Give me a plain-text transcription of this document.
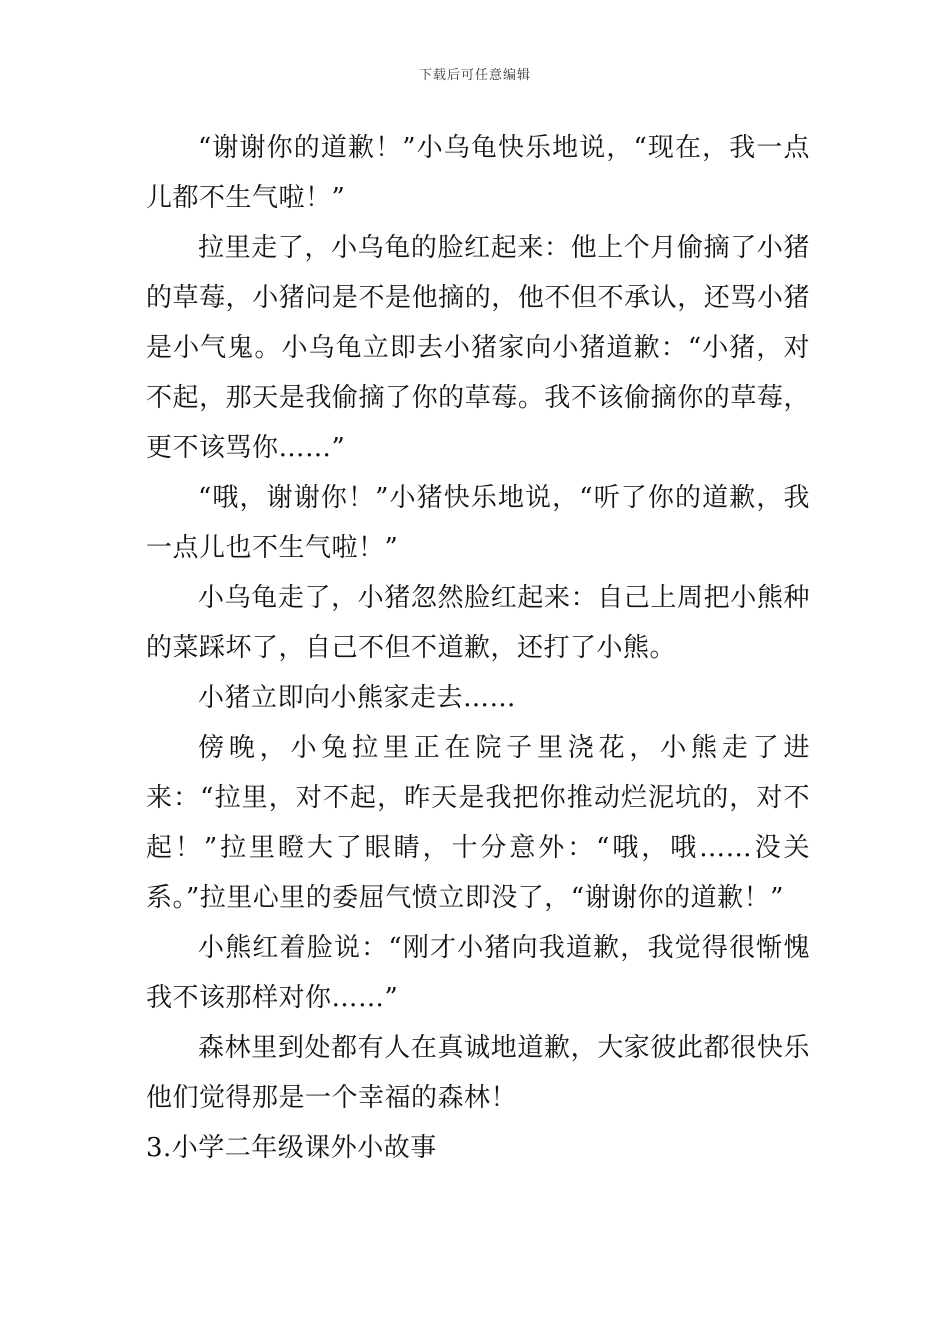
下载后可任意编辑

“谢谢你的道歉！”小乌龟快乐地说，“现在，我一点儿都不生气啦！”

拉里走了，小乌龟的脸红起来：他上个月偷摘了小猪的草莓，小猪问是不是他摘的，他不但不承认，还骂小猪是小气鬼。小乌龟立即去小猪家向小猪道歉：“小猪，对不起，那天是我偷摘了你的草莓。我不该偷摘你的草莓，更不该骂你……”

“哦，谢谢你！”小猪快乐地说，“听了你的道歉，我一点儿也不生气啦！”

小乌龟走了，小猪忽然脸红起来：自己上周把小熊种的菜踩坏了，自己不但不道歉，还打了小熊。

小猪立即向小熊家走去……

傍晚，小兔拉里正在院子里浇花，小熊走了进来：“拉里，对不起，昨天是我把你推动烂泥坑的，对不起！”拉里瞪大了眼睛，十分意外：“哦，哦……没关系。”拉里心里的委屈气愤立即没了，“谢谢你的道歉！”

小熊红着脸说：“刚才小猪向我道歉，我觉得很惭愧我不该那样对你……”

森林里到处都有人在真诚地道歉，大家彼此都很快乐他们觉得那是一个幸福的森林！

3.小学二年级课外小故事
